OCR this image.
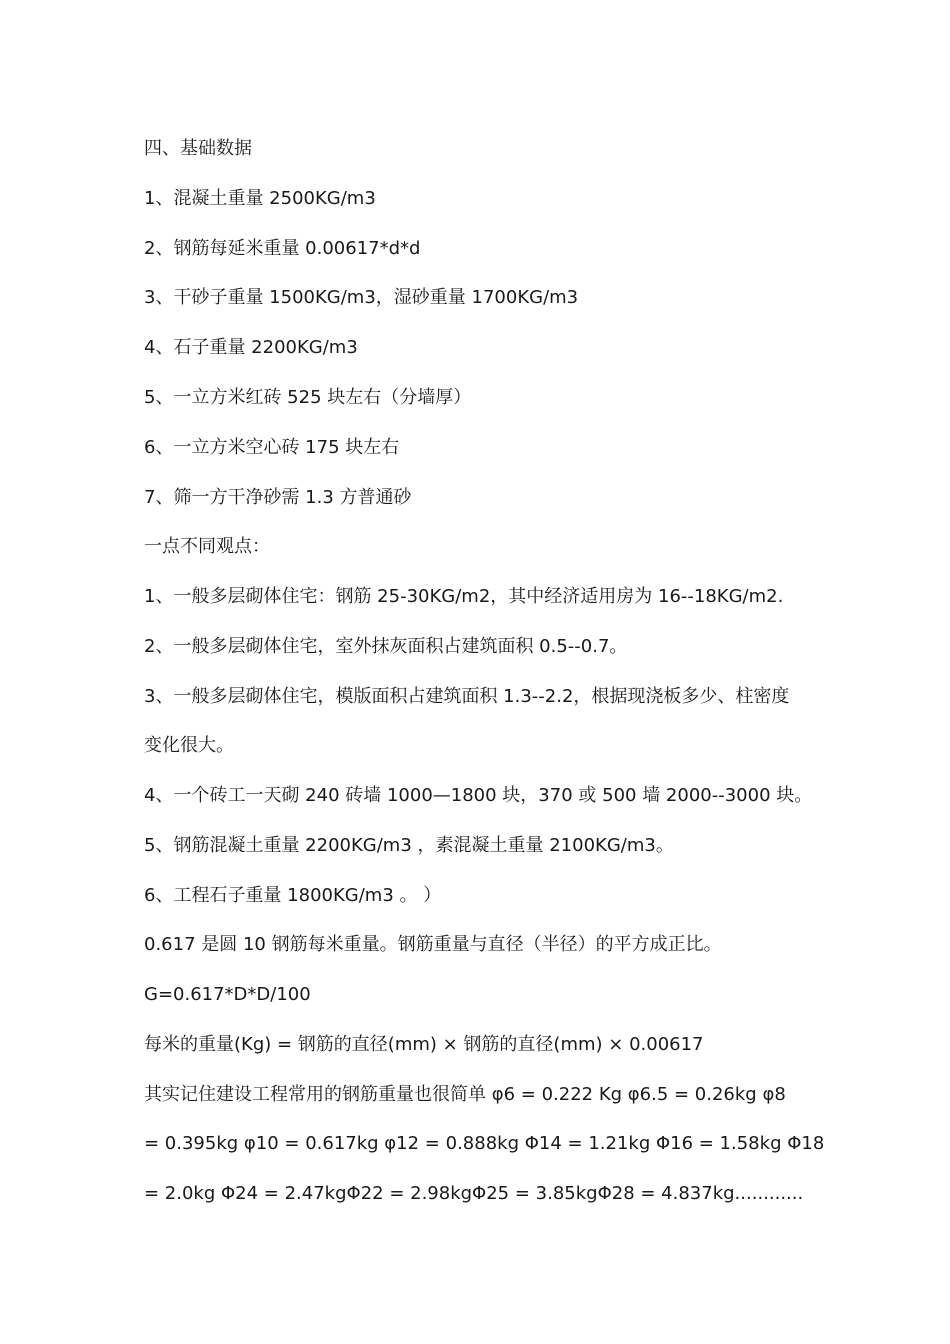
四、基础数据
1、混凝土重量 2500KG/m3
2、钢筋每延米重量 0.00617*d*d
3、干砂子重量 1500KG/m3，湿砂重量 1700KG/m3
4、石子重量 2200KG/m3
5、一立方米红砖 525 块左右（分墙厚）
6、一立方米空心砖 175 块左右
7、筛一方干净砂需 1.3 方普通砂
一点不同观点：
1、一般多层砌体住宅：钢筋 25-30KG/m2，其中经济适用房为 16--18KG/m2.
2、一般多层砌体住宅，室外抹灰面积占建筑面积 0.5--0.7。
3、一般多层砌体住宅，模版面积占建筑面积 1.3--2.2，根据现浇板多少、柱密度
变化很大。
4、一个砖工一天砌 240 砖墙 1000—1800 块，370 或 500 墙 2000--3000 块。
5、钢筋混凝土重量 2200KG/m3 ，素混凝土重量 2100KG/m3。
6、工程石子重量 1800KG/m3 。 ）
0.617 是圆 10 钢筋每米重量。钢筋重量与直径（半径）的平方成正比。
G=0.617*D*D/100
每米的重量(Kg) = 钢筋的直径(mm) × 钢筋的直径(mm) × 0.00617
其实记住建设工程常用的钢筋重量也很简单 φ6 = 0.222 Kg φ6.5 = 0.26kg φ8
= 0.395kg φ10 = 0.617kg φ12 = 0.888kg Φ14 = 1.21kg Φ16 = 1.58kg Φ18
= 2.0kg Φ24 = 2.47kgΦ22 = 2.98kgΦ25 = 3.85kgΦ28 = 4.837kg............
